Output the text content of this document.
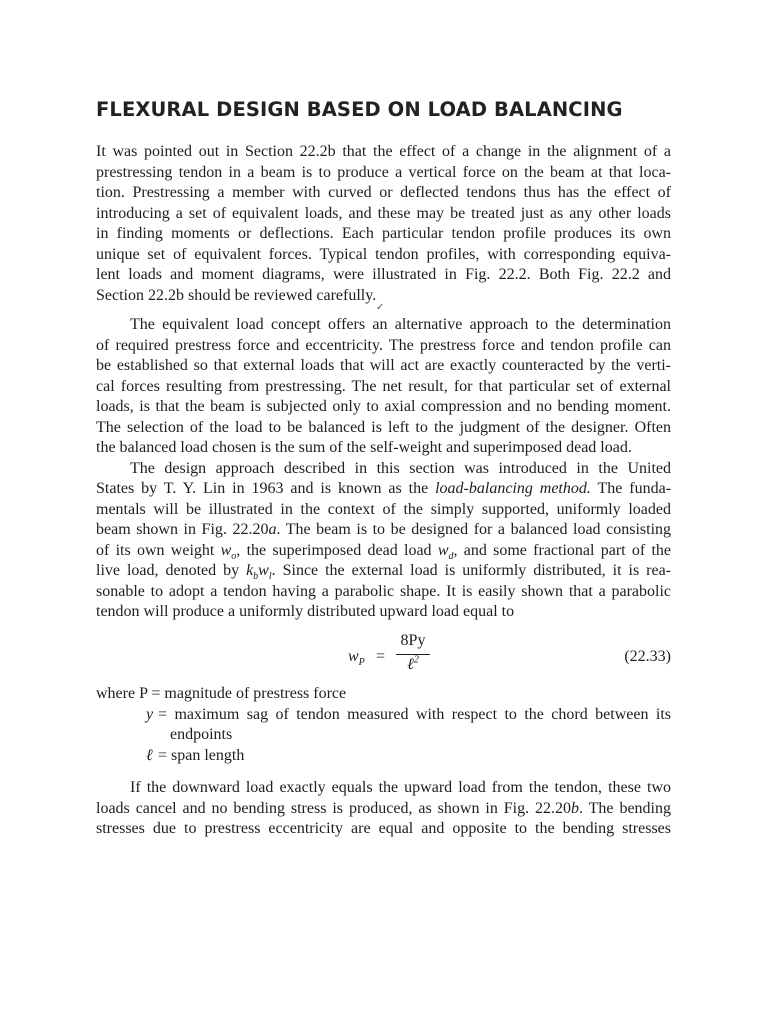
FLEXURAL DESIGN BASED ON LOAD BALANCING
It was pointed out in Section 22.2b that the effect of a change in the alignment of a
prestressing tendon in a beam is to produce a vertical force on the beam at that loca-
tion. Prestressing a member with curved or deflected tendons thus has the effect of
introducing a set of equivalent loads, and these may be treated just as any other loads
in finding moments or deflections. Each particular tendon profile produces its own
unique set of equivalent forces. Typical tendon profiles, with corresponding equiva-
lent loads and moment diagrams, were illustrated in Fig. 22.2. Both Fig. 22.2 and
Section 22.2b should be reviewed carefully.
✓
The equivalent load concept offers an alternative approach to the determination
of required prestress force and eccentricity. The prestress force and tendon profile can
be established so that external loads that will act are exactly counteracted by the verti-
cal forces resulting from prestressing. The net result, for that particular set of external
loads, is that the beam is subjected only to axial compression and no bending moment.
The selection of the load to be balanced is left to the judgment of the designer. Often
the balanced load chosen is the sum of the self-weight and superimposed dead load.
The design approach described in this section was introduced in the United
States by T. Y. Lin in 1963 and is known as the load-balancing method. The funda-
mentals will be illustrated in the context of the simply supported, uniformly loaded
beam shown in Fig. 22.20a. The beam is to be designed for a balanced load consisting
of its own weight $w_o$, the superimposed dead load $w_d$, and some fractional part of the
live load, denoted by $k_bw_l$. Since the external load is uniformly distributed, it is rea-
sonable to adopt a tendon having a parabolic shape. It is easily shown that a parabolic
tendon will produce a uniformly distributed upward load equal to
$w_P$ =
8Py
ℓ$^2$	(22.33)
where P = magnitude of prestress force
y = maximum sag of tendon measured with respect to the chord between its
endpoints
ℓ = span length
If the downward load exactly equals the upward load from the tendon, these two
loads cancel and no bending stress is produced, as shown in Fig. 22.20b. The bending
stresses due to prestress eccentricity are equal and opposite to the bending stresses
